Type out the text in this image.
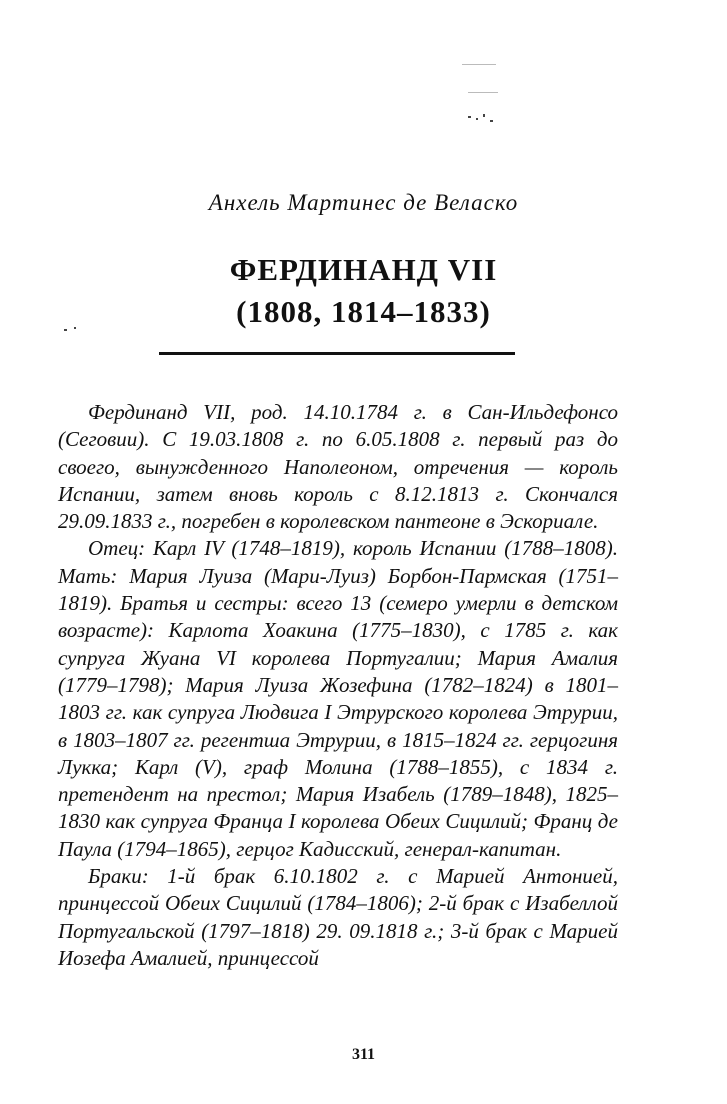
Анхель Мартинес де Веласко
ФЕРДИНАНД VII
(1808, 1814–1833)

Фердинанд VII, род. 14.10.1784 г. в Сан-Ильдефонсо (Сеговии). С 19.03.1808 г. по 6.05.1808 г. первый раз до своего, вынужденного Наполеоном, отречения — король Испании, затем вновь король с 8.12.1813 г. Скончался 29.09.1833 г., погребен в королевском пантеоне в Эскориале.

Отец: Карл IV (1748–1819), король Испании (1788–1808). Мать: Мария Луиза (Мари-Луиз) Борбон-Пармская (1751–1819). Братья и сестры: всего 13 (семеро умерли в детском возрасте): Карлота Хоакина (1775–1830), с 1785 г. как супруга Жуана VI королева Португалии; Мария Амалия (1779–1798); Мария Луиза Жозефина (1782–1824) в 1801–1803 гг. как супруга Людвига I Этрурского королева Этрурии, в 1803–1807 гг. регентша Этрурии, в 1815–1824 гг. герцогиня Лукка; Карл (V), граф Молина (1788–1855), с 1834 г. претендент на престол; Мария Изабель (1789–1848), 1825–1830 как супруга Франца I королева Обеих Сицилий; Франц де Паула (1794–1865), герцог Кадисский, генерал-капитан.

Браки: 1-й брак 6.10.1802 г. с Марией Антонией, принцессой Обеих Сицилий (1784–1806); 2-й брак с Изабеллой Португальской (1797–1818) 29. 09.1818 г.; 3-й брак с Марией Иозефа Амалией, принцессой

311
